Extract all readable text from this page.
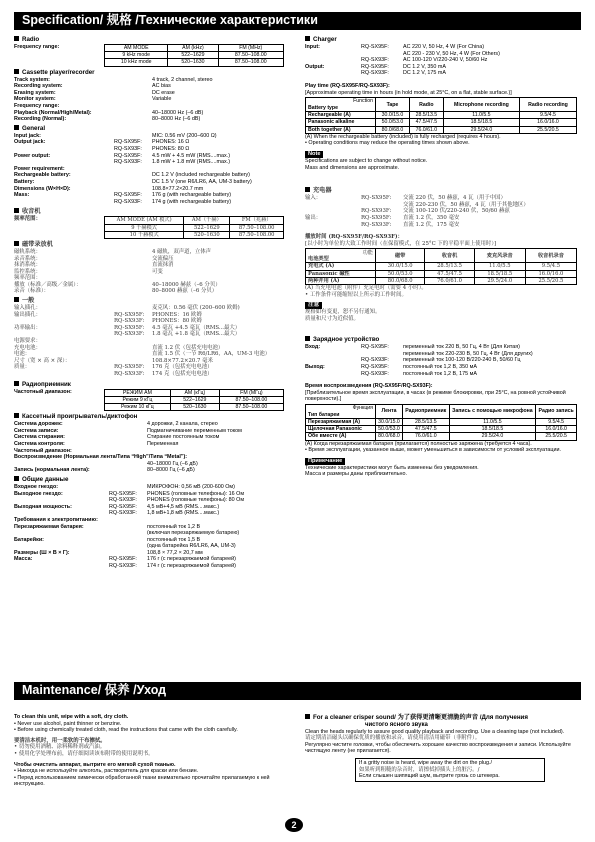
Specification/ 规格 /Технические характеристики
Radio
Frequency range:	AM MODE	AM (kHz)	FM (MHz)
9 kHz mode	522–1629	87.50–108.00
10 kHz mode	520–1630	87.50–108.00
Cassette player/recorder
Track system:	4 track, 2 channel, stereo
Recording system:	AC bias
Erasing system:	DC erase
Monitor system:	Variable
Frequency range:
Playback (Normal/High/Metal):	40–18000 Hz (–6 dB)
Recording (Normal):	80–8000 Hz (–6 dB)
General
Input jack:	MIC: 0.56 mV (200–600 Ω)
Output jack:	RQ-SX95F:	PHONES: 16 Ω
RQ-SX93F:	PHONES: 80 Ω
Power output:	RQ-SX95F:	4.5 mW + 4.5 mW (RMS....max.)
RQ-SX93F:	1.8 mW + 1.8 mW (RMS....max.)
Power requirement:
Rechargeable battery:	DC 1.2 V (included rechargeable battery)
Battery:	DC 1.5 V (one R6/LR6, AA, UM-3 battery)
Dimensions (W×H×D):	108.8×77.2×20.7 mm
Mass:	RQ-SX95F:	176 g (with rechargeable battery)
RQ-SX93F:	174 g (with rechargeable battery)
收音机
频率范围：	AM MODE (AM 模式)	AM（千赫）	FM（兆赫）
9 千赫模式	522–1629	87.50–108.00
10 千赫模式	520–1630	87.50–108.00
磁带录放机
磁轨系统：	4 磁轨，双声道，立体声
录音系统：	交流偏压
抹消系统：	直流抹消
监控系统：	可变
频率范围：
播放（标准／高级／金属）：	40–18000 赫兹（–6 分贝）
录音（标准）：	80–8000 赫兹（–6 分贝）
一般
输入插孔：	麦克风：0.56 毫伏 (200–600 欧姆)
输出插孔：	RQ-SX95F:	PHONES：16 欧姆
RQ-SX93F:	PHONES：80 欧姆
功率输出：	RQ-SX95F:	4.5 毫瓦 +4.5 毫瓦（RMS...最大）
RQ-SX93F:	1.8 毫瓦 +1.8 毫瓦（RMS...最大）
电源要求：
充电电池：	直流 1.2 伏（包括充电电池）
电池：	直流 1.5 伏（一节 R6/LR6，AA，UM-3 电池）
尺寸（宽 × 高 × 深）：	108.8×77.2×20.7 毫米
质量：	RQ-SX95F:	176 克（包括充电电池）
RQ-SX93F:	174 克（包括充电电池）
Радиоприемник
Частотный диапазон:	РЕЖИМ AM	AM (кГц)	FM (МГц)
Режим 9 кГц	522–1629	87.50–108.00
Режим 10 кГц	520–1630	87.50–108.00
Кассетный проигрыватель/диктофон
Система дорожек:	4 дорожки, 2 канала, стерео
Система записи:	Подмагничивание переменным током
Система стирания:	Стирание постоянным током
Система контроля:	Переменная
Частотный диапазон:
Воспроизведение (Нормальная лента/Типа “High”/Типа “Metal”):
40–18000 Гц (–6 дБ)
Запись (нормальная лента):	80–8000 Гц (–6 дБ)
Общие данные
Входное гнездо:	МИКРОФОН: 0,56 мВ (200-600 Ом)
Выходное гнездо:	RQ-SX95F:	PHONES (головные телефоны): 16 Ом
RQ-SX93F:	PHONES (головные телефоны): 80 Ом
Выходная мощность:	RQ-SX95F:	4,5 мВ+4,5 мВ (RMS....макс.)
RQ-SX93F:	1,8 мВ+1,8 мВ (RMS....макс.)
Требования к электропитанию:
Перезаряжаемая батарея:	постоянный ток 1,2 В
(включая перезаряжаемую батарею)
Батарейки:	постоянный ток 1,5 В
(одна батарейка R6/LR6, AA, UM-3)
Размеры (Ш × В × Г):	108,8 × 77,2 × 20,7 мм
Масса:	RQ-SX95F:	176 г (с перезаряжаемой батареей)
RQ-SX93F:	174 г (с перезаряжаемой батареей)
Charger
Input:	RQ-SX95F:	AC 220 V, 50 Hz, 4 W (For China)
AC 220 - 230 V, 50 Hz, 4 W (For Others)
RQ-SX93F:	AC 100-120 V/220-240 V, 50/60 Hz
Output:	RQ-SX95F:	DC 1.2 V, 350 mA
RQ-SX93F:	DC 1.2 V, 175 mA
Play time (RQ-SX95F/RQ-SX93F):
[Approximate operating time in hours (in hold mode, at 25°C, on a flat, stable surface.)]
Function
Battery type	Tape	Radio	Microphone recording	Radio recording
Rechargeable (A)	30.0/15.0	28.5/13.5	11.0/5.5	9.5/4.5
Panasonic alkaline	50.0/53.0	47.5/47.5	18.5/18.5	16.0/16.0
Both together (A)	80.0/68.0	76.0/61.0	29.5/24.0	25.5/20.5
(A) When the rechargeable battery (included) is fully recharged (requires 4 hours).
• Operating conditions may reduce the operating times shown above.
Note
Specifications are subject to change without notice.
Mass and dimensions are approximate.
充电器
输入：	RQ-SX95F:	交流 220 伏，50 赫兹，4 瓦（用于中国）
交流 220-230 伏，50 赫兹，4 瓦（用于其他地区）
RQ-SX93F:	交流 100-120 伏/220-240 伏，50/60 赫兹
输出：	RQ-SX95F:	直流 1.2 伏，350 毫安
RQ-SX93F:	直流 1.2 伏，175 毫安
播放时间 (RQ-SX95F/RQ-SX93F)：
[以小时为单位的大致工作时间（在保留模式，在 25°C 下的平稳平面上使用时）]
功能
电池类型	磁带	收音机	麦克风录音	收音机录音
充电式 (A)	30.0/15.0	28.5/13.5	11.0/5.5	9.5/4.5
Panasonic 碱性	50.0/53.0	47.5/47.5	18.5/18.5	16.0/16.0
两种并用 (A)	80.0/68.0	76.0/61.0	29.5/24.0	25.5/20.5
(A) 当充电电池（附件）充足电时（需要 4 小时）。
• 工作条件可能缩短以上所示的工作时间。
注意
规格如有变更，恕不另行通知。
质量和尺寸为近似值。
Зарядное устройство
Вход:	RQ-SX95F:	переменный ток 220 В, 50 Гц, 4 Вт (Для Китая)
переменный ток 220-230 В, 50 Гц, 4 Вт (Для других)
RQ-SX93F:	переменный ток 100-120 В/220-240 В, 50/60 Гц
Выход:	RQ-SX95F:	постоянный ток 1,2 В, 350 мА
RQ-SX93F:	постоянный ток 1,2 В, 175 мА
Время воспроизведения (RQ-SX95F/RQ-SX93F):
[Приблизительное время эксплуатации, в часах (в режиме блокировки, при 25°C, на ровной устойчивой поверхности).]
Функция
Тип батареи	Лента	Радиоприемник	Запись с помощью микрофона	Радио запись
Перезаряжаемая (A)	30.0/15.0	28.5/13.5	11.0/5.5	9.5/4.5
Щелочная Panasonic	50.0/53.0	47.5/47.5	18.5/18.5	16.0/16.0
Обе вместе (A)	80.0/68.0	76.0/61.0	29.5/24.0	25.5/20.5
(A) Когда перезаряжаемая батарея (прилагается) полностью заряжена (требуется 4 часа).
• Время эксплуатации, указанное выше, может уменьшиться в зависимости от условий эксплуатации.
Примечание
Технические характеристики могут быть изменены без уведомления.
Масса и размеры даны приблизительно.
Maintenance/ 保养 /Уход
To clean this unit, wipe with a soft, dry cloth.
• Never use alcohol, paint thinner or benzine.
• Before using chemically treated cloth, read the instructions that came with the cloth carefully.
要清洁本机时，用一柔软的干布擦拭。
• 切勿使用酒精、涂料稀释剂或汽油。
• 使用化学处理布前，请仔细阅读该布附带的使用说明书。
Чтобы очистить аппарат, вытрите его мягкой сухой тканью.
• Никогда не используйте алкоголь, растворитель для краски или бензин.
• Перед использованием химически обработанной ткани внимательно прочитайте прилагаемую к ней инструкцию.
For a cleaner crisper sound/ 为了获得更清晰更清脆的声音 /Для получения
чистого ясного звука
Clean the heads regularly to assure good quality playback and recording. Use a cleaning tape (not included).
请定期清洁磁头以确保优质的播放和录音。请使用清洁用磁带（非附件）。
Регулярно чистите головки, чтобы обеспечить хорошее качество воспроизведения и записи. Используйте чистящую ленту (не прилагается).
If a gritty noise is heard, wipe away the dirt on the plug./
如果听到粗糙的杂音时，请擦拭掉插头上的脏污。/
Если слышен шипящий шум, вытрите грязь со штекера.
2
